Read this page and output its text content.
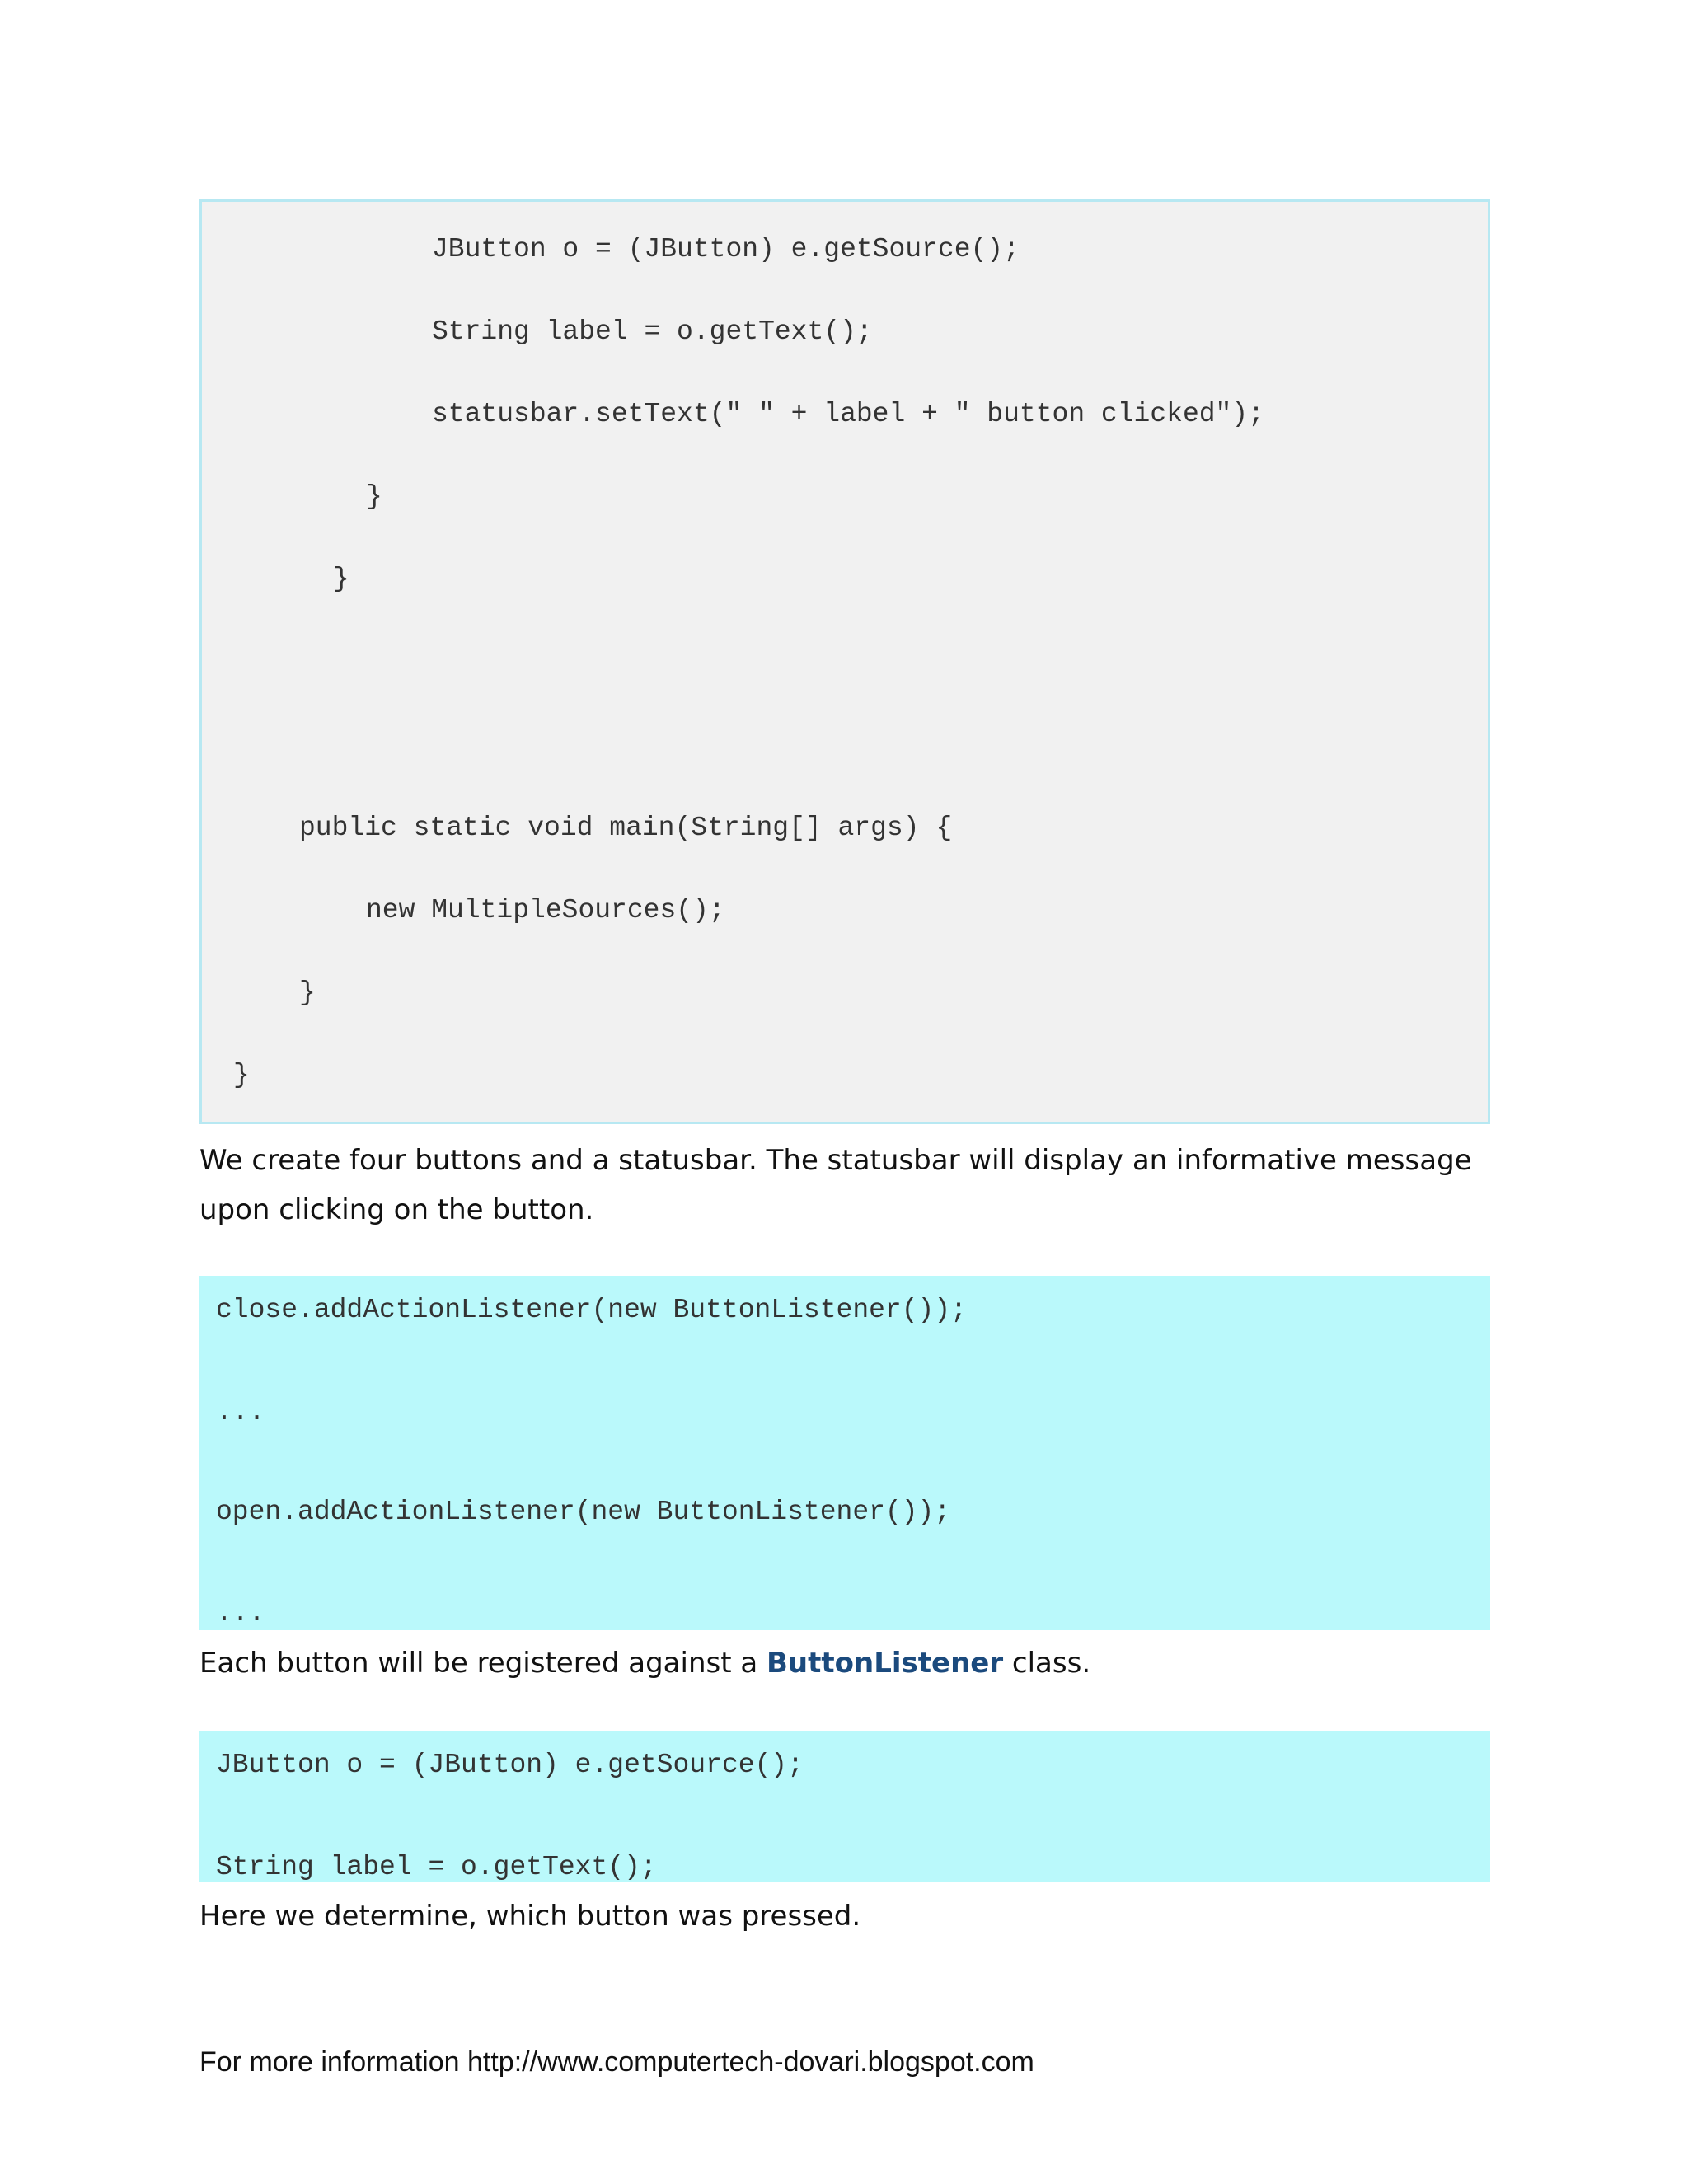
JButton o = (JButton) e.getSource();
String label = o.getText();
statusbar.setText(" " + label + " button clicked");
}
}
public static void main(String[] args) {
new MultipleSources();
}
}
We create four buttons and a statusbar. The statusbar will display an informative message
upon clicking on the button.
close.addActionListener(new ButtonListener());
...
open.addActionListener(new ButtonListener());
...
Each button will be registered against a ButtonListener class.
JButton o = (JButton) e.getSource();
String label = o.getText();
Here we determine, which button was pressed.
For more information http://www.computertech-dovari.blogspot.com
